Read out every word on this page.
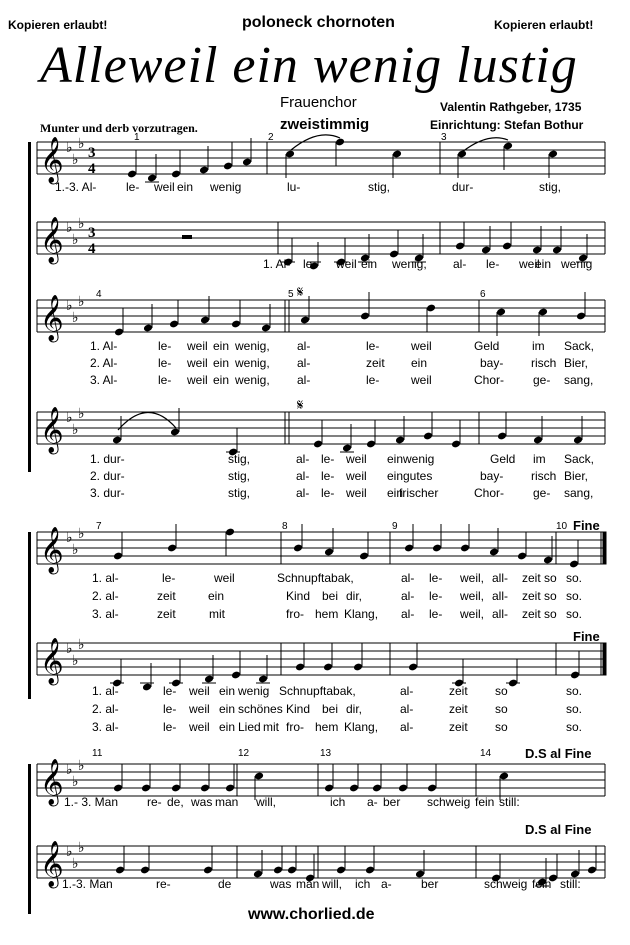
Kopieren erlaubt!	poloneck chornoten	Kopieren erlaubt!
Alleweil ein wenig lustig
Frauenchor
zweistimmig
Valentin Rathgeber, 1735
Einrichtung: Stefan Bothur
Munter und derb vorzutragen.
𝄞 ♭
♭
♭
3
4
𝄞 ♭
♭
♭
3
4
𝄞 ♭
♭
♭
𝄞 ♭
♭
♭
𝄞 ♭
♭
♭
𝄞 ♭
♭
♭
𝄞 ♭
♭
♭
𝄞 ♭
♭
♭
1	2	3
4	5	6
𝄋
𝄋
7	8	9	10 Fine
Fine
11	12	13	14	D.S al Fine
D.S al Fine
www.chorlied.de
1.-3. Al- le- weil ein wenig	lu-	stig,	dur-	stig,
1. Al- le- weil ein wenig, al- le- weil
ein wenig
1. Al-	le- weil ein wenig, al-	le-	weil	Geld	im Sack,
2. Al-	le- weil ein wenig, al-	zeit ein	bay- risch Bier,
3. Al-	le- weil ein wenig, al-	le-	weil	Chor- ge- sang,
1. dur-	stig,	al- le- weil ein wenig	Geld im Sack,
2. dur-	stig,	al- le- weil ein gutes	bay- risch Bier,
3. dur-	stig,	al- le- weil ein
frischer	Chor- ge- sang,
1. al-	le-	weil	Schnupftabak,	al- le- weil, all- zeit so so.
2. al-	zeit	ein	Kind bei dir,	al- le- weil, all- zeit so so.
3. al-	zeit	mit	fro- hem Klang, al- le- weil, all- zeit so so.
1. al-	le- weil ein wenig Schnupftabak,	al-	zeit so	so.
2. al-	le- weil ein schönes Kind bei dir,	al-	zeit so	so.
3. al-	le- weil ein Lied mit fro- hem Klang, al-	zeit so	so.
1.- 3. Man re- de, was man will,	ich a- ber schweig fein still:
1.-3. Man	re-	de	was man will, ich a- ber	schweig fein still:
